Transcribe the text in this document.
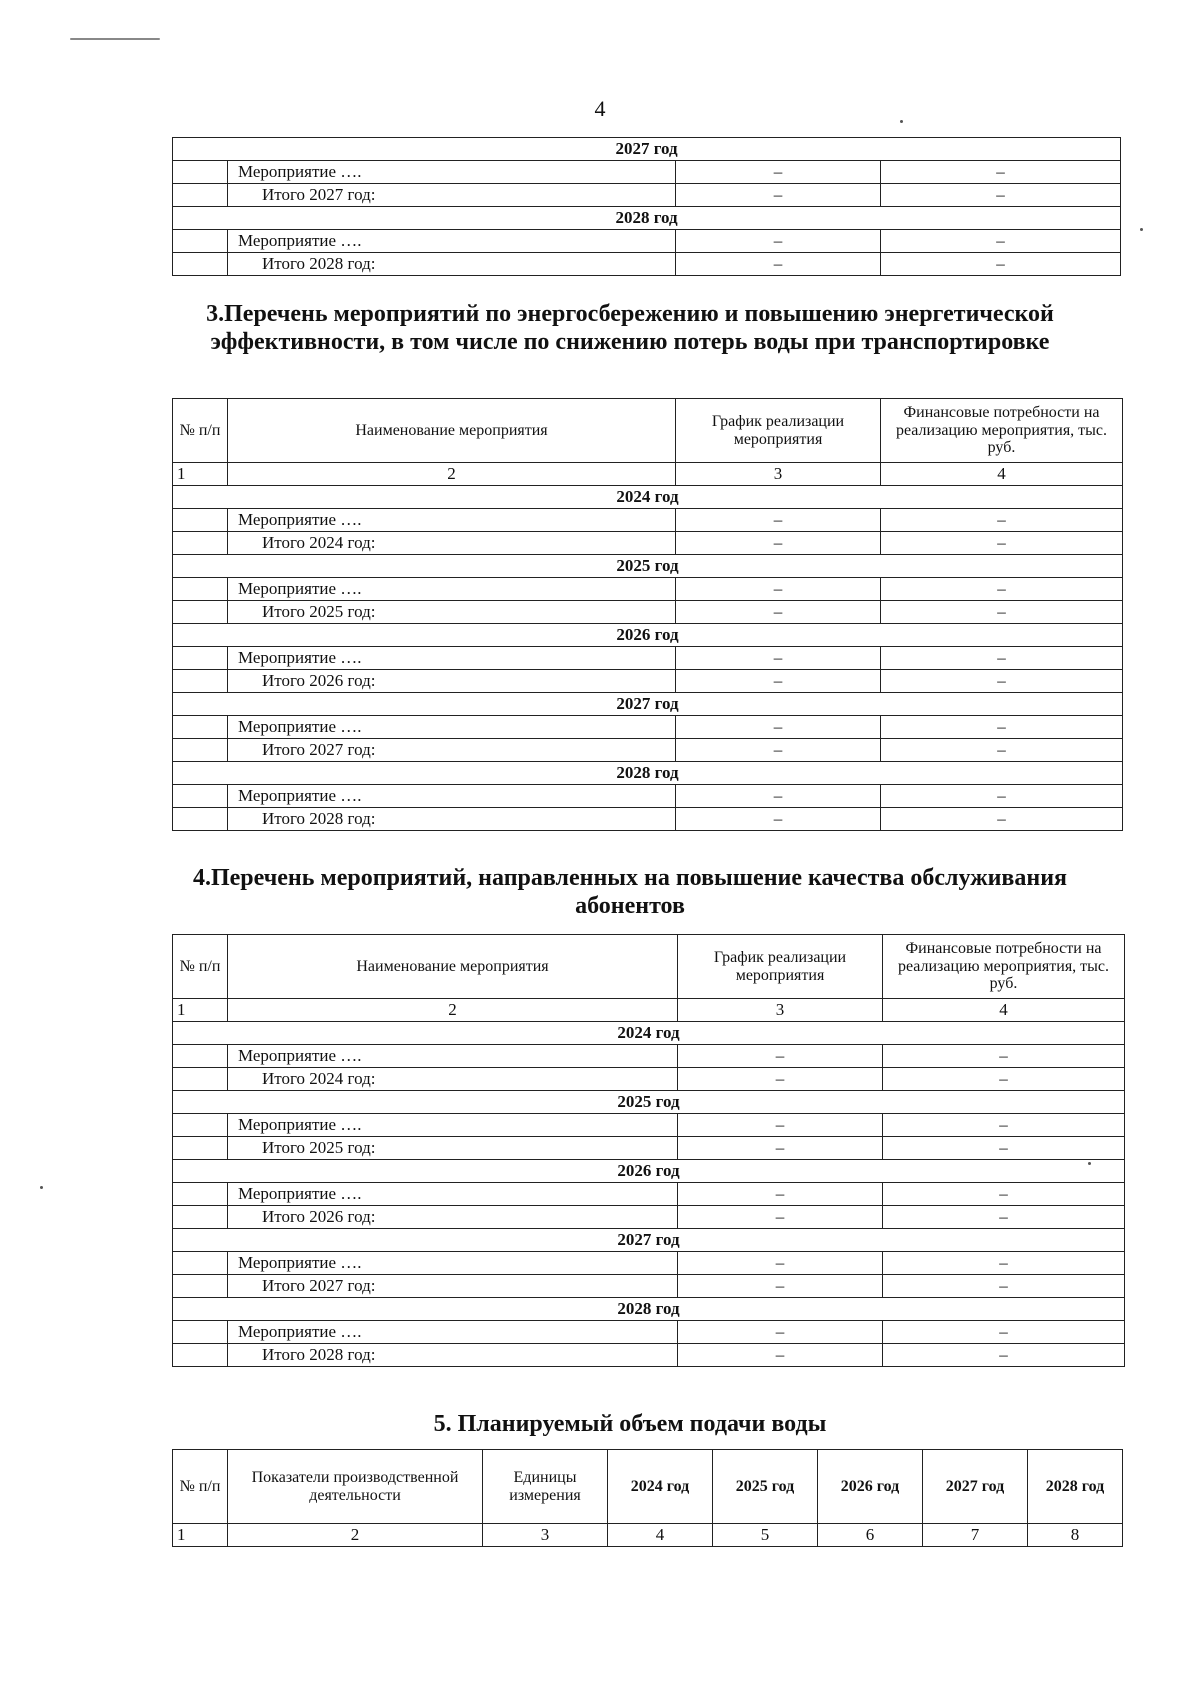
4
2027 год			
	Мероприятие ….	–	–
	Итого 2027 год:	–	–
2028 год			
	Мероприятие ….	–	–
	Итого 2028 год:	–	–
3.Перечень мероприятий по энергосбережению и повышению энергетической эффективности, в том числе по снижению потерь воды при транспортировке
№ п/п	Наименование мероприятия	График реализации мероприятия	Финансовые потребности на реализацию мероприятия, тыс. руб.
1	2	3	4
2024 год			
	Мероприятие ….	–	–
	Итого 2024 год:	–	–
2025 год			
	Мероприятие ….	–	–
	Итого 2025 год:	–	–
2026 год			
	Мероприятие ….	–	–
	Итого 2026 год:	–	–
2027 год			
	Мероприятие ….	–	–
	Итого 2027 год:	–	–
2028 год			
	Мероприятие ….	–	–
	Итого 2028 год:	–	–
4.Перечень мероприятий, направленных на повышение качества обслуживания абонентов
№ п/п	Наименование мероприятия	График реализации мероприятия	Финансовые потребности на реализацию мероприятия, тыс. руб.
1	2	3	4
2024 год			
	Мероприятие ….	–	–
	Итого 2024 год:	–	–
2025 год			
	Мероприятие ….	–	–
	Итого 2025 год:	–	–
2026 год			
	Мероприятие ….	–	–
	Итого 2026 год:	–	–
2027 год			
	Мероприятие ….	–	–
	Итого 2027 год:	–	–
2028 год			
	Мероприятие ….	–	–
	Итого 2028 год:	–	–
5. Планируемый объем подачи воды
№ п/п	Показатели производственной деятельности	Единицы измерения	2024 год	2025 год	2026 год	2027 год	2028 год
1	2	3	4	5	6	7	8
